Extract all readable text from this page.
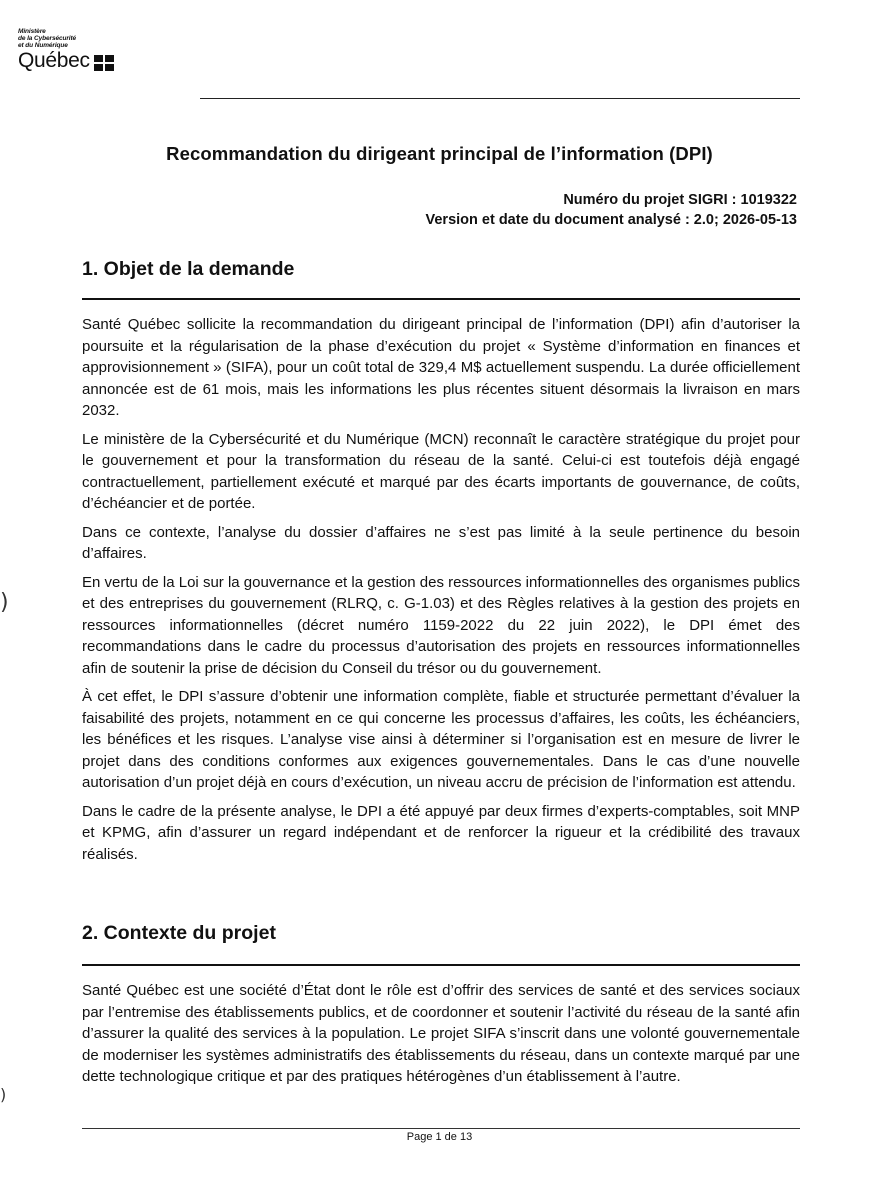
Ministère
de la Cybersécurité
et du Numérique
Québec
Recommandation du dirigeant principal de l’information (DPI)
Numéro du projet SIGRI : 1019322
Version et date du document analysé : 2.0; 2026-05-13
1. Objet de la demande

Santé Québec sollicite la recommandation du dirigeant principal de l’information (DPI) afin d’autoriser la poursuite et la régularisation de la phase d’exécution du projet « Système d’information en finances et approvisionnement » (SIFA), pour un coût total de 329,4 M$ actuellement suspendu. La durée officiellement annoncée est de 61 mois, mais les informations les plus récentes situent désormais la livraison en mars 2032.

Le ministère de la Cybersécurité et du Numérique (MCN) reconnaît le caractère stratégique du projet pour le gouvernement et pour la transformation du réseau de la santé. Celui-ci est toutefois déjà engagé contractuellement, partiellement exécuté et marqué par des écarts importants de gouvernance, de coûts, d’échéancier et de portée.

Dans ce contexte, l’analyse du dossier d’affaires ne s’est pas limité à la seule pertinence du besoin d’affaires.

En vertu de la Loi sur la gouvernance et la gestion des ressources informationnelles des organismes publics et des entreprises du gouvernement (RLRQ, c. G-1.03) et des Règles relatives à la gestion des projets en ressources informationnelles (décret numéro 1159-2022 du 22 juin 2022), le DPI émet des recommandations dans le cadre du processus d’autorisation des projets en ressources informationnelles afin de soutenir la prise de décision du Conseil du trésor ou du gouvernement.

À cet effet, le DPI s’assure d’obtenir une information complète, fiable et structurée permettant d’évaluer la faisabilité des projets, notamment en ce qui concerne les processus d’affaires, les coûts, les échéanciers, les bénéfices et les risques. L’analyse vise ainsi à déterminer si l’organisation est en mesure de livrer le projet dans des conditions conformes aux exigences gouvernementales. Dans le cas d’une nouvelle autorisation d’un projet déjà en cours d’exécution, un niveau accru de précision de l’information est attendu.

Dans le cadre de la présente analyse, le DPI a été appuyé par deux firmes d’experts-comptables, soit MNP et KPMG, afin d’assurer un regard indépendant et de renforcer la rigueur et la crédibilité des travaux réalisés.

2. Contexte du projet

Santé Québec est une société d’État dont le rôle est d’offrir des services de santé et des services sociaux par l’entremise des établissements publics, et de coordonner et soutenir l’activité du réseau de la santé afin d’assurer la qualité des services à la population. Le projet SIFA s’inscrit dans une volonté gouvernementale de moderniser les systèmes administratifs des établissements du réseau, dans un contexte marqué par une dette technologique critique et par des pratiques hétérogènes d’un établissement à l’autre.

)
)
Page 1 de 13
